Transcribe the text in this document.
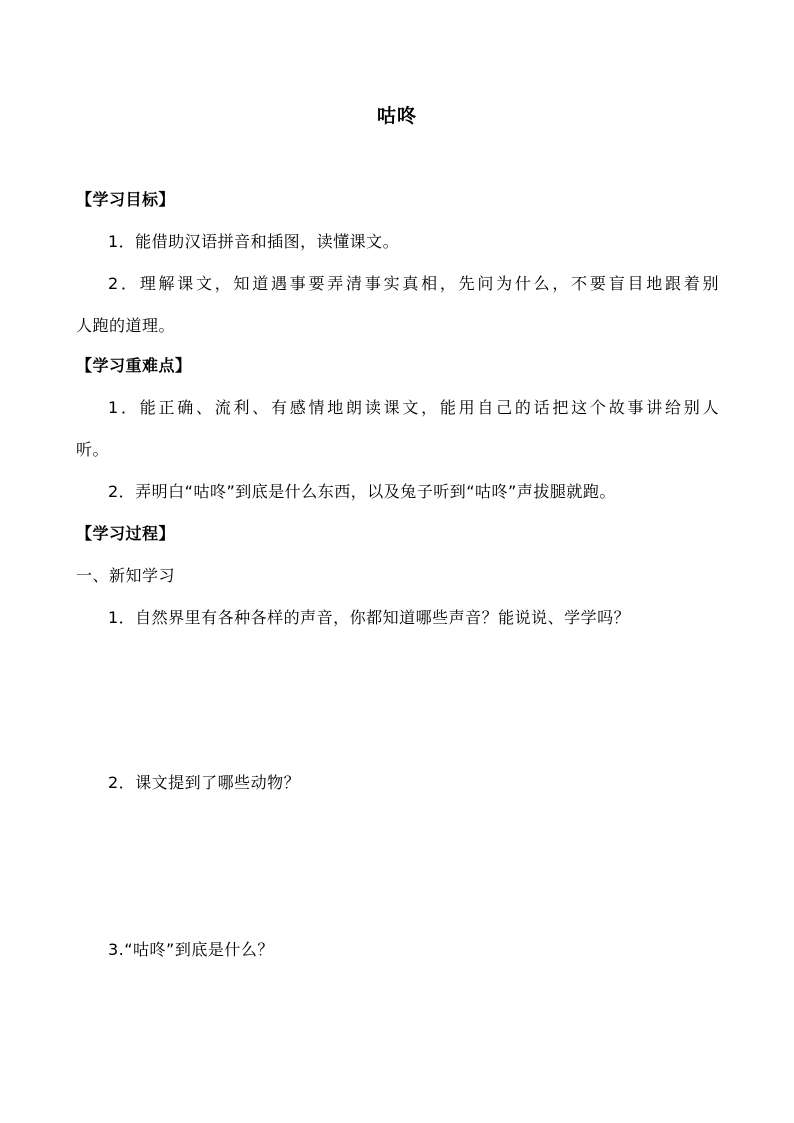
咕咚
【学习目标】
1．能借助汉语拼音和插图，读懂课文。
2．理解课文，知道遇事要弄清事实真相，先问为什么，不要盲目地跟着别
人跑的道理。
【学习重难点】
1．能正确、流利、有感情地朗读课文，能用自己的话把这个故事讲给别人
听。
2．弄明白“咕咚”到底是什么东西，以及兔子听到“咕咚”声拔腿就跑。
【学习过程】
一、新知学习
1．自然界里有各种各样的声音，你都知道哪些声音？能说说、学学吗？
2．课文提到了哪些动物？
3.“咕咚”到底是什么？
